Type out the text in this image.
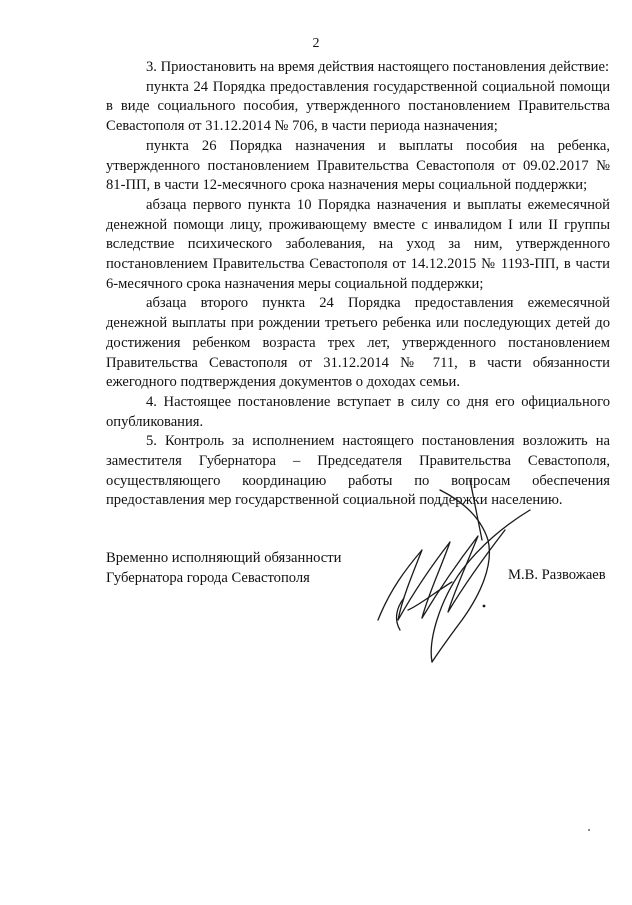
2

3. Приостановить на время действия настоящего постановления действие:

пункта 24 Порядка предоставления государственной социальной помощи в виде социального пособия, утвержденного постановлением Правительства Севастополя от 31.12.2014 № 706, в части периода назначения;

пункта 26 Порядка назначения и выплаты пособия на ребенка, утвержденного постановлением Правительства Севастополя от 09.02.2017 № 81-ПП, в части 12-месячного срока назначения меры социальной поддержки;

абзаца первого пункта 10 Порядка назначения и выплаты ежемесячной денежной помощи лицу, проживающему вместе с инвалидом I или II группы вследствие психического заболевания, на уход за ним, утвержденного постановлением Правительства Севастополя от 14.12.2015 № 1193-ПП, в части 6-месячного срока назначения меры социальной поддержки;

абзаца второго пункта 24 Порядка предоставления ежемесячной денежной выплаты при рождении третьего ребенка или последующих детей до достижения ребенком возраста трех лет, утвержденного постановлением Правительства Севастополя от 31.12.2014 № 711, в части обязанности ежегодного подтверждения документов о доходах семьи.

4. Настоящее постановление вступает в силу со дня его официального опубликования.

5. Контроль за исполнением настоящего постановления возложить на заместителя Губернатора – Председателя Правительства Севастополя, осуществляющего координацию работы по вопросам обеспечения предоставления мер государственной социальной поддержки населению.

Временно исполняющий обязанности
Губернатора города Севастополя	М.В. Развожаев
